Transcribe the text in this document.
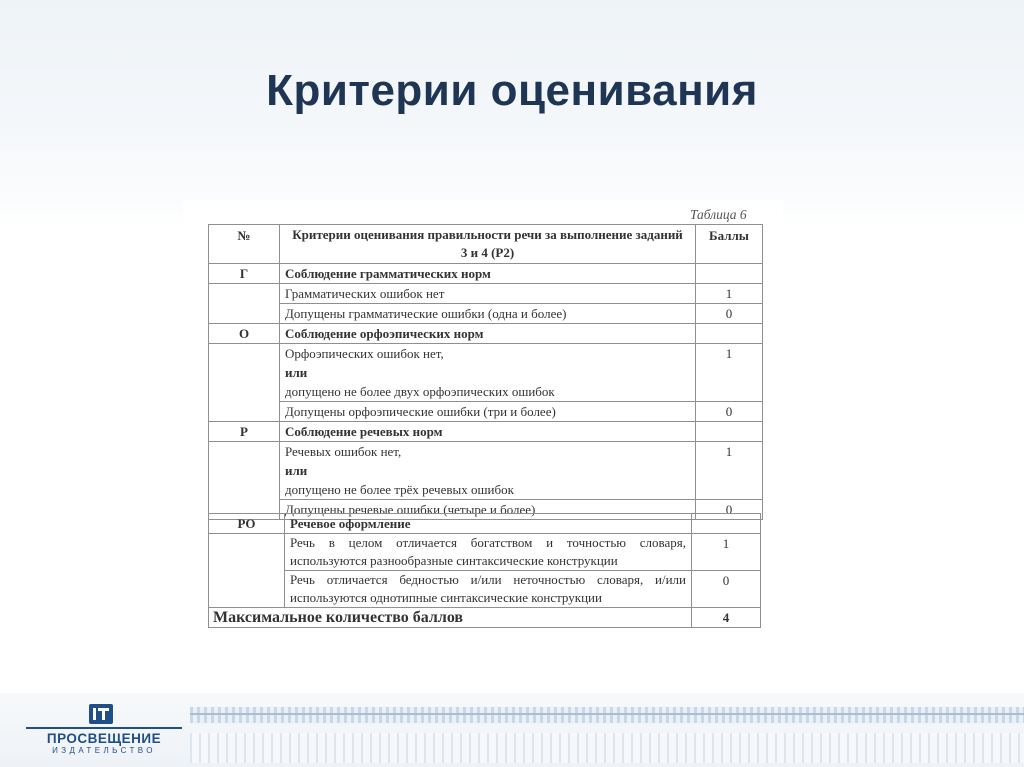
Критерии оценивания
Таблица 6
№	Критерии оценивания правильности речи за выполнение заданий 3 и 4 (Р2)	Баллы

Г	Соблюдение грамматических норм	

	Грамматических ошибок нет	1

	Допущены грамматические ошибки (одна и более)	0

О	Соблюдение орфоэпических норм	

	Орфоэпических ошибок нет,
или
допущено не более двух орфоэпических ошибок	1

	Допущены орфоэпические ошибки (три и более)	0

Р	Соблюдение речевых норм	

	Речевых ошибок нет,
или
допущено не более трёх речевых ошибок	1

	Допущены речевые ошибки (четыре и более)	0
РО	Речевое оформление	

	Речь в целом отличается богатством и точностью словаря, используются разнообразные синтаксические конструкции	1

	Речь отличается бедностью и/или неточностью словаря, и/или используются однотипные синтаксические конструкции	0

Максимальное количество баллов		4
ПРОСВЕЩЕНИЕ
ИЗДАТЕЛЬСТВО
